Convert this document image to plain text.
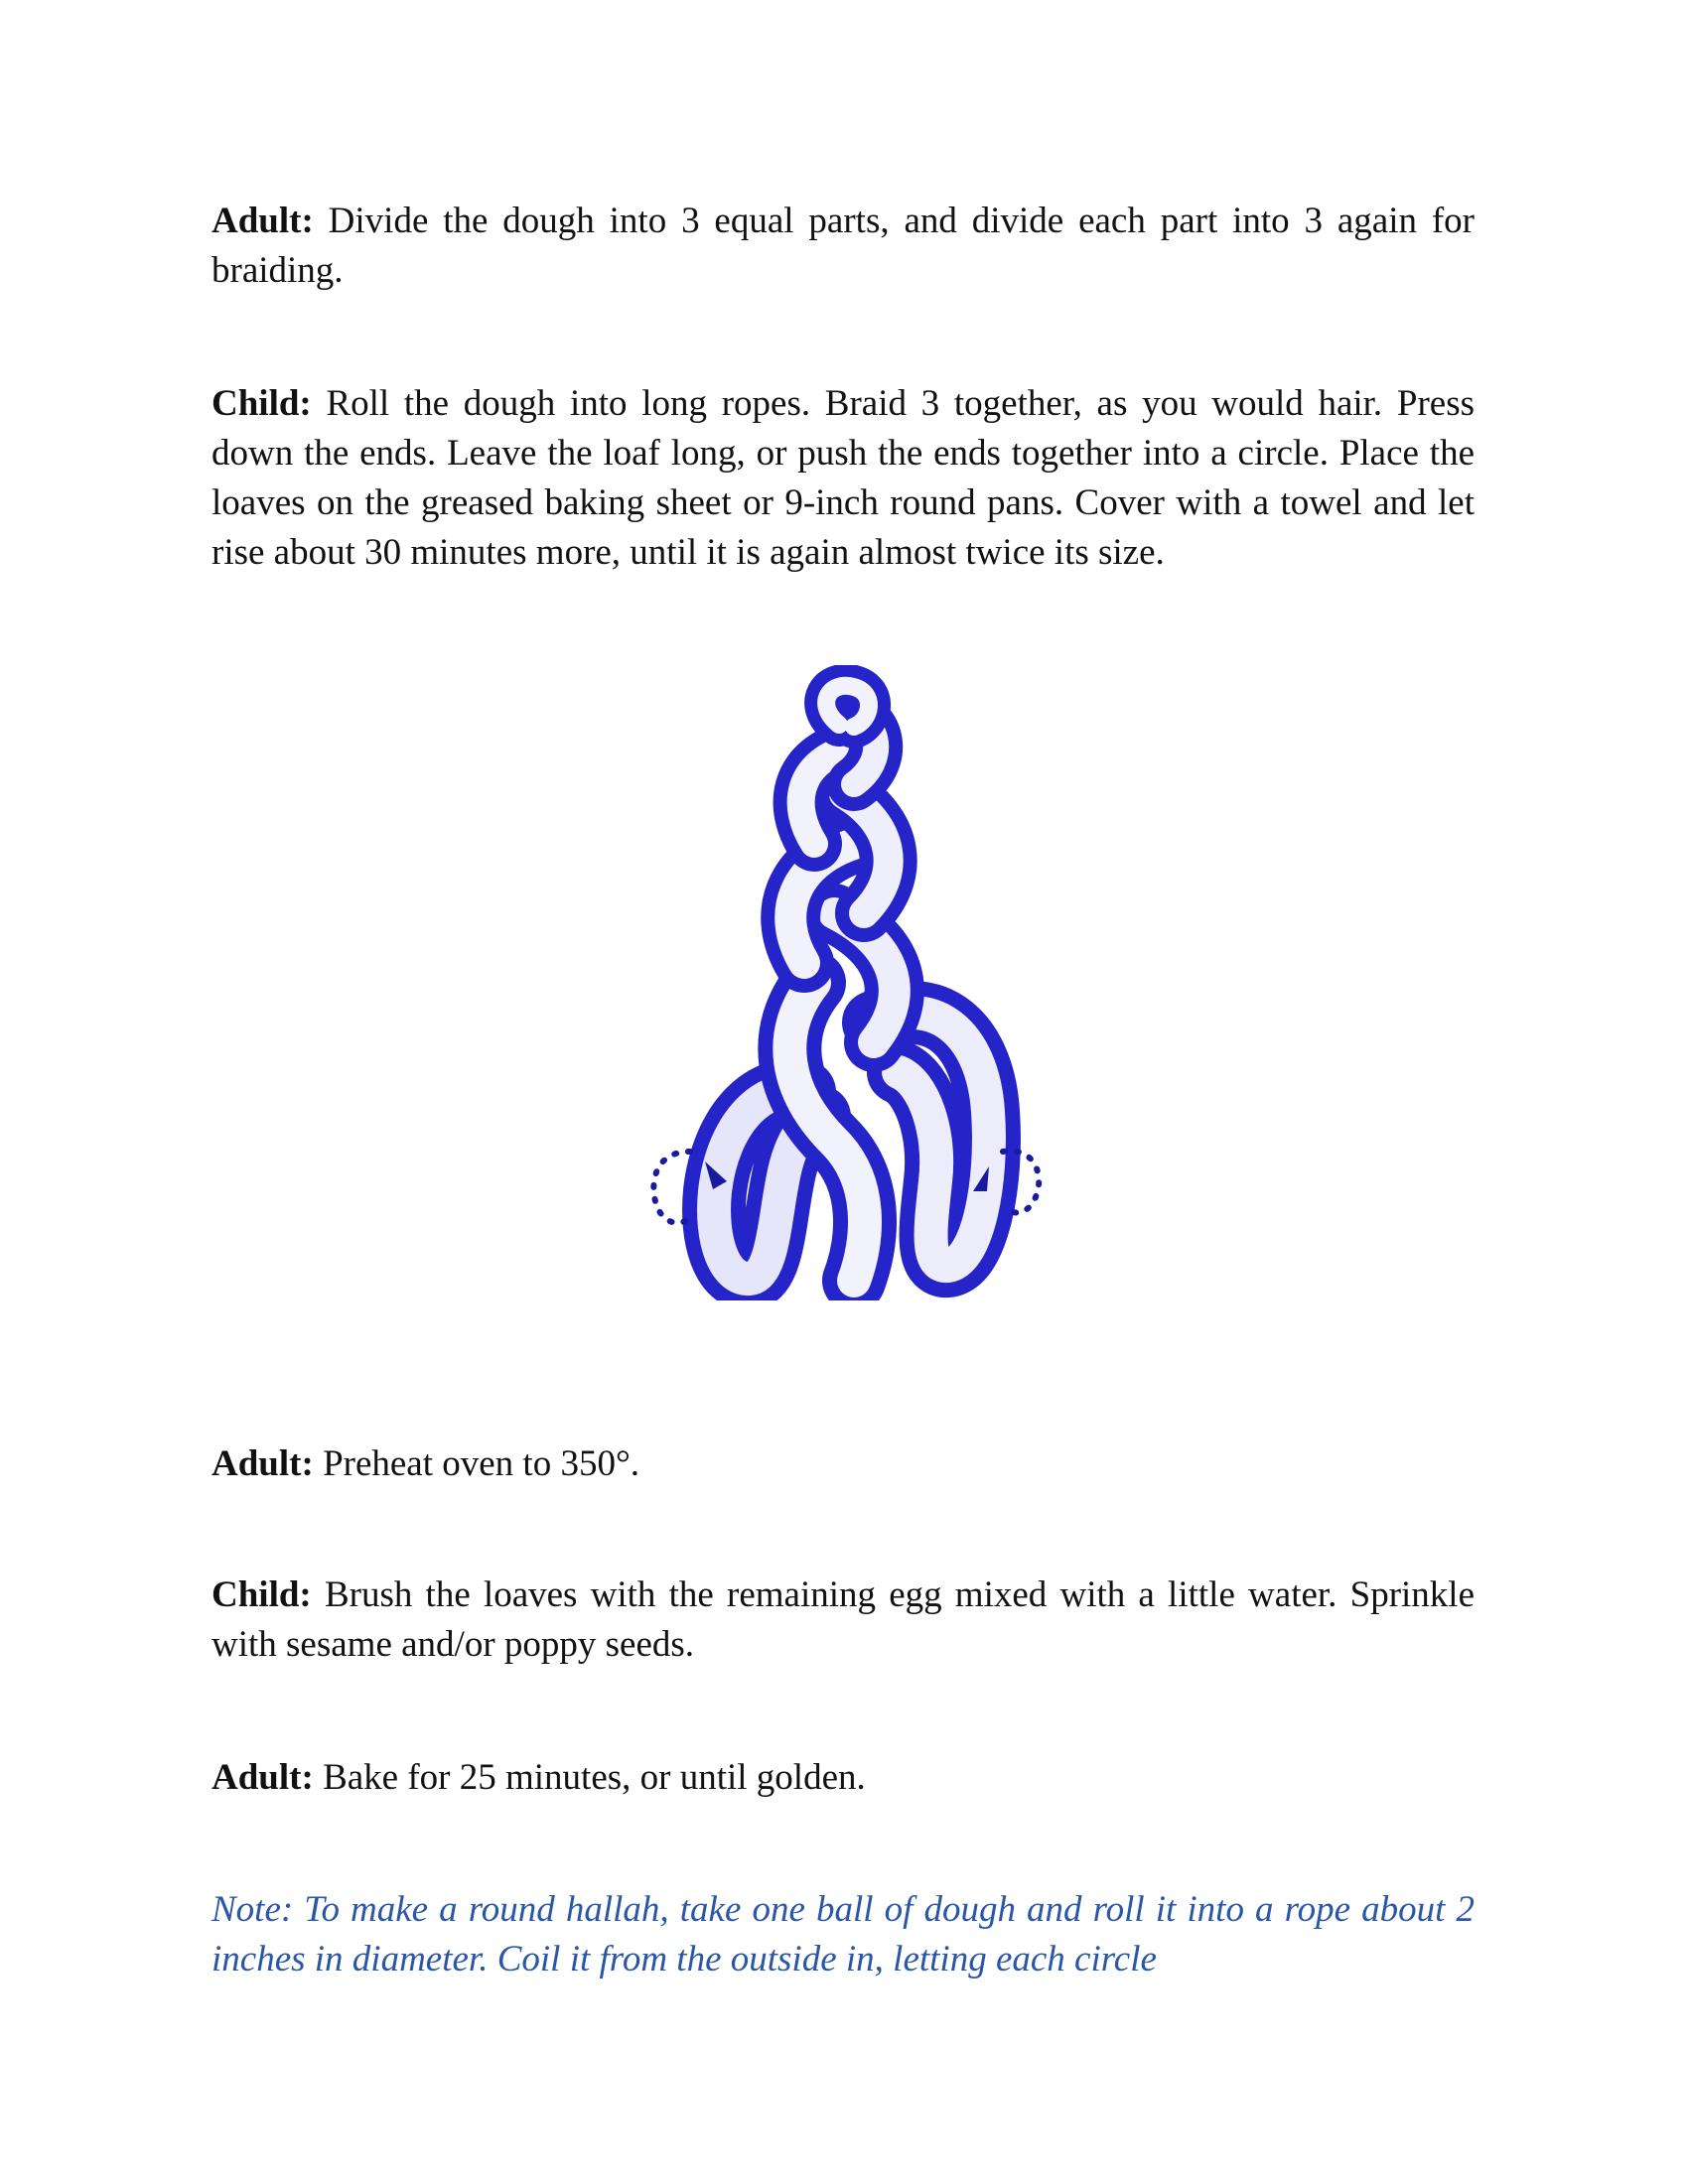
Adult: Divide the dough into 3 equal parts, and divide each part into 3 again for braiding.

Child: Roll the dough into long ropes. Braid 3 together, as you would hair. Press down the ends. Leave the loaf long, or push the ends together into a circle. Place the loaves on the greased baking sheet or 9-inch round pans. Cover with a towel and let rise about 30 minutes more, until it is again almost twice its size.

Adult: Preheat oven to 350°.

Child: Brush the loaves with the remaining egg mixed with a little water. Sprinkle with sesame and/or poppy seeds.

Adult: Bake for 25 minutes, or until golden.

Note: To make a round hallah, take one ball of dough and roll it into a rope about 2 inches in diameter. Coil it from the outside in, letting each circle
